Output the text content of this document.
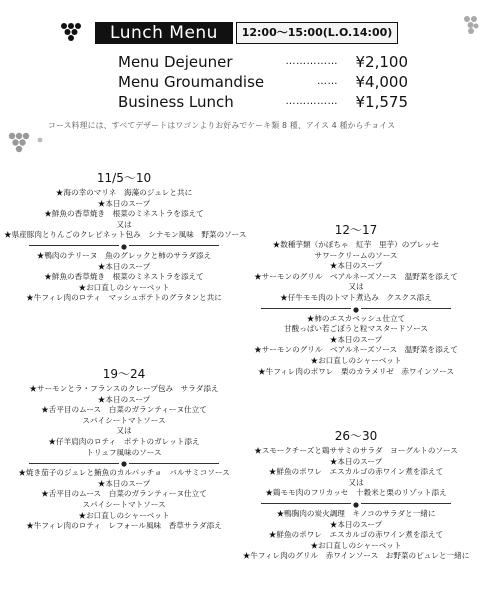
Lunch Menu	12:00～15:00(L.O.14:00)
Menu Dejeuner	…………… ¥2,100
Menu Groumandise	…… ¥4,000
Business Lunch	…………… ¥1,575
コース料理には、すべてデザートはワゴンよりお好みでケーキ類 8 種、アイス 4 種からチョイス
11/5～10
★海の幸のマリネ　海藻のジュレと共に
★本日のスープ
★鮮魚の香草焼き　根菜のミネストラを添えて
又は
★県産豚肉とりんごのクレピネット包み　シナモン風味　野菜のソース
★鴨肉のテリーヌ　魚のグレックと柿のサラダ添え
★本日のスープ
★鮮魚の香草焼き　根菜のミネストラを添えて
★お口直しのシャーベット
★牛フィレ肉のロティ　マッシュポテトのグラタンと共に
12～17
★数種芋類（かぼちゃ　紅芋　里芋）のプレッセ
サワークリームのソース
★本日のスープ
★サーモンのグリル　ベアルネーズソース　温野菜を添えて
又は
★仔牛モモ肉のトマト煮込み　クスクス添え
★柿のエスカベッシュ仕立て
甘酸っぱい若ごぼうと粒マスタードソース
★本日のスープ
★サーモンのグリル　ベアルネーズソース　温野菜を添えて
★お口直しのシャーベット
★牛フィレ肉のポワレ　栗のカラメリゼ　赤ワインソース
19～24
★サーモンとラ・フランスのクレープ包み　サラダ添え
★本日のスープ
★舌平目のムース　白菜のガランティーヌ仕立て
スパイシートマトソース
又は
★仔羊肩肉のロティ　ポテトのガレット添え
トリュフ風味のソース
★焼き茄子のジュレと鮪魚のカルパッチョ　バルサミコソース
★本日のスープ
★舌平目のムース　白菜のガランティーヌ仕立て
スパイシートマトソース
★お口直しのシャーベット
★牛フィレ肉のロティ　レフォール風味　香草サラダ添え
26～30
★スモークチーズと鶏ササミのサラダ　ヨーグルトのソース
★本日のスープ
★鮮魚のポワレ　エスカルゴの赤ワイン煮を添えて
又は
★鶏モモ肉のフリカッセ　十穀米と栗のリゾット添え
★鴨胸肉の炭火調理　キノコのサラダと一緒に
★本日のスープ
★鮮魚のポワレ　エスカルゴの赤ワイン煮を添えて
★お口直しのシャーベット
★牛フィレ肉のグリル　赤ワインソース　お野菜のピュレと一緒に
